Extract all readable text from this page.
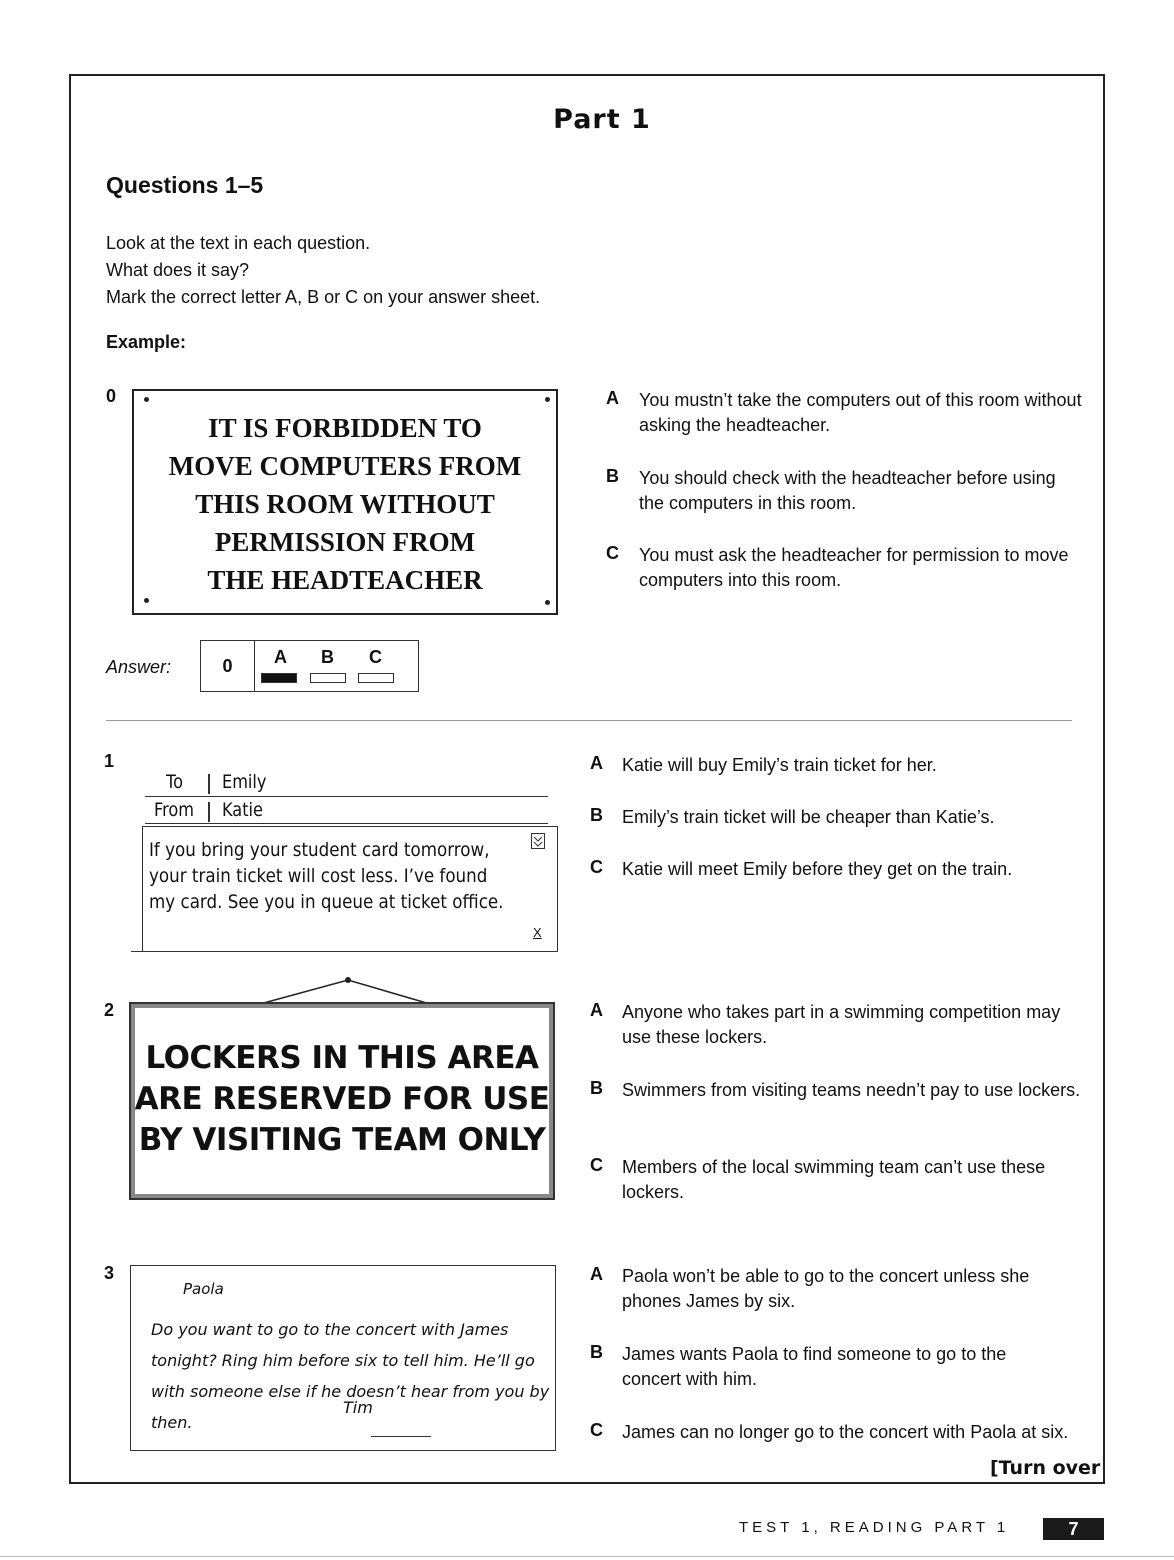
Part 1
Questions 1–5
Look at the text in each question.
What does it say?
Mark the correct letter A, B or C on your answer sheet.
Example:
0
IT IS FORBIDDEN TO
MOVE COMPUTERS FROM
THIS ROOM WITHOUT
PERMISSION FROM
THE HEADTEACHER
A You mustn’t take the computers out of this room without asking the headteacher.
B You should check with the headteacher before using the computers in this room.
C You must ask the headteacher for permission to move computers into this room.
Answer:	0	A B C
1
To Emily
From Katie
If you bring your student card tomorrow,
your train ticket will cost less. I’ve found
my card. See you in queue at ticket office.
X
A Katie will buy Emily’s train ticket for her.
B Emily’s train ticket will be cheaper than Katie’s.
C Katie will meet Emily before they get on the train.
2
LOCKERS IN THIS AREA
ARE RESERVED FOR USE
BY VISITING TEAM ONLY
A Anyone who takes part in a swimming competition may use these lockers.
B Swimmers from visiting teams needn’t pay to use lockers.
C Members of the local swimming team can’t use these lockers.
3
Paola
Do you want to go to the concert with James tonight? Ring him before six to tell him. He’ll go with someone else if he doesn’t hear from you by then.
Tim
A Paola won’t be able to go to the concert unless she phones James by six.
B James wants Paola to find someone to go to the concert with him.
C James can no longer go to the concert with Paola at six.
[Turn over
TEST 1, READING PART 1	7
